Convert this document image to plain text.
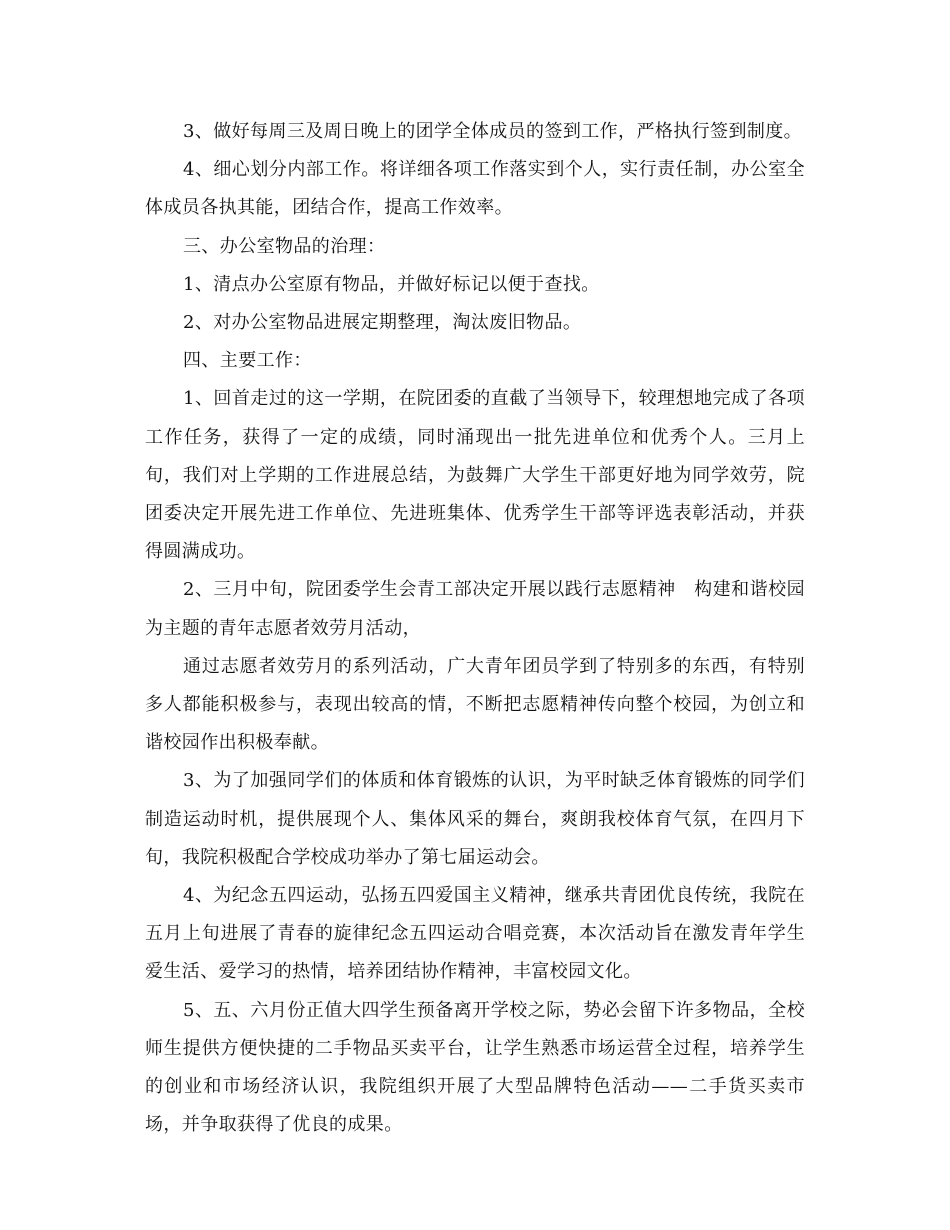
3、做好每周三及周日晚上的团学全体成员的签到工作，严格执行签到制度。

4、细心划分内部工作。将详细各项工作落实到个人，实行责任制，办公室全体成员各执其能，团结合作，提高工作效率。

三、办公室物品的治理：

1、清点办公室原有物品，并做好标记以便于查找。

2、对办公室物品进展定期整理，淘汰废旧物品。

四、主要工作：

1、回首走过的这一学期，在院团委的直截了当领导下，较理想地完成了各项工作任务，获得了一定的成绩，同时涌现出一批先进单位和优秀个人。三月上旬，我们对上学期的工作进展总结，为鼓舞广大学生干部更好地为同学效劳，院团委决定开展先进工作单位、先进班集体、优秀学生干部等评选表彰活动，并获得圆满成功。

2、三月中旬，院团委学生会青工部决定开展以践行志愿精神　构建和谐校园为主题的青年志愿者效劳月活动，

通过志愿者效劳月的系列活动，广大青年团员学到了特别多的东西，有特别多人都能积极参与，表现出较高的情，不断把志愿精神传向整个校园，为创立和谐校园作出积极奉献。

3、为了加强同学们的体质和体育锻炼的认识，为平时缺乏体育锻炼的同学们制造运动时机，提供展现个人、集体风采的舞台，爽朗我校体育气氛，在四月下旬，我院积极配合学校成功举办了第七届运动会。

4、为纪念五四运动，弘扬五四爱国主义精神，继承共青团优良传统，我院在五月上旬进展了青春的旋律纪念五四运动合唱竞赛，本次活动旨在激发青年学生爱生活、爱学习的热情，培养团结协作精神，丰富校园文化。

5、五、六月份正值大四学生预备离开学校之际，势必会留下许多物品，全校师生提供方便快捷的二手物品买卖平台，让学生熟悉市场运营全过程，培养学生的创业和市场经济认识，我院组织开展了大型品牌特色活动——二手货买卖市场，并争取获得了优良的成果。
